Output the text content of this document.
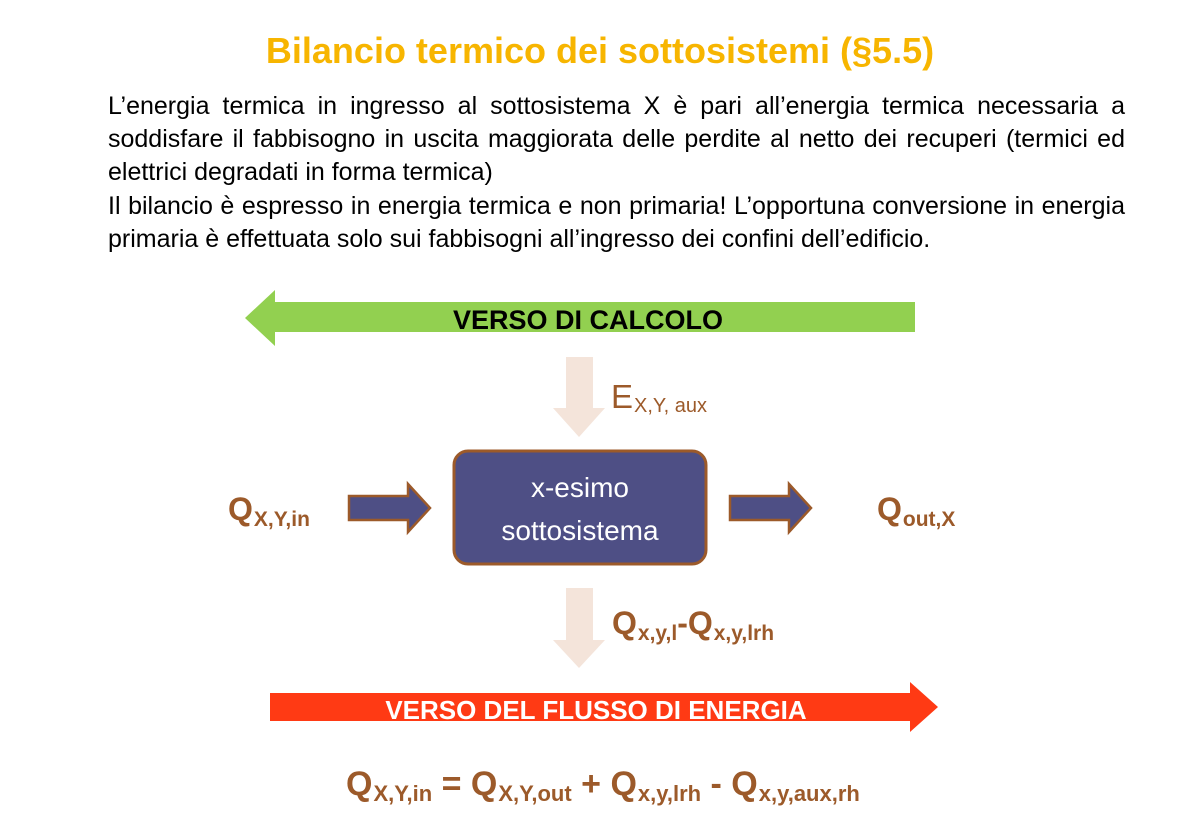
Bilancio termico dei sottosistemi (§5.5)
L’energia termica in ingresso al sottosistema X è pari all’energia termica necessaria a soddisfare il fabbisogno in uscita maggiorata delle perdite al netto dei recuperi (termici ed elettrici degradati in forma termica)
Il bilancio è espresso in energia termica e non primaria! L’opportuna conversione in energia primaria è effettuata solo sui fabbisogni all’ingresso dei confini dell’edificio.
VERSO DI CALCOLO
EX,Y, aux
QX,Y,in
x-esimo
sottosistema
Qout,X
Qx,y,l-Qx,y,lrh
VERSO DEL FLUSSO DI ENERGIA
QX,Y,in = QX,Y,out + Qx,y,lrh - Qx,y,aux,rh
